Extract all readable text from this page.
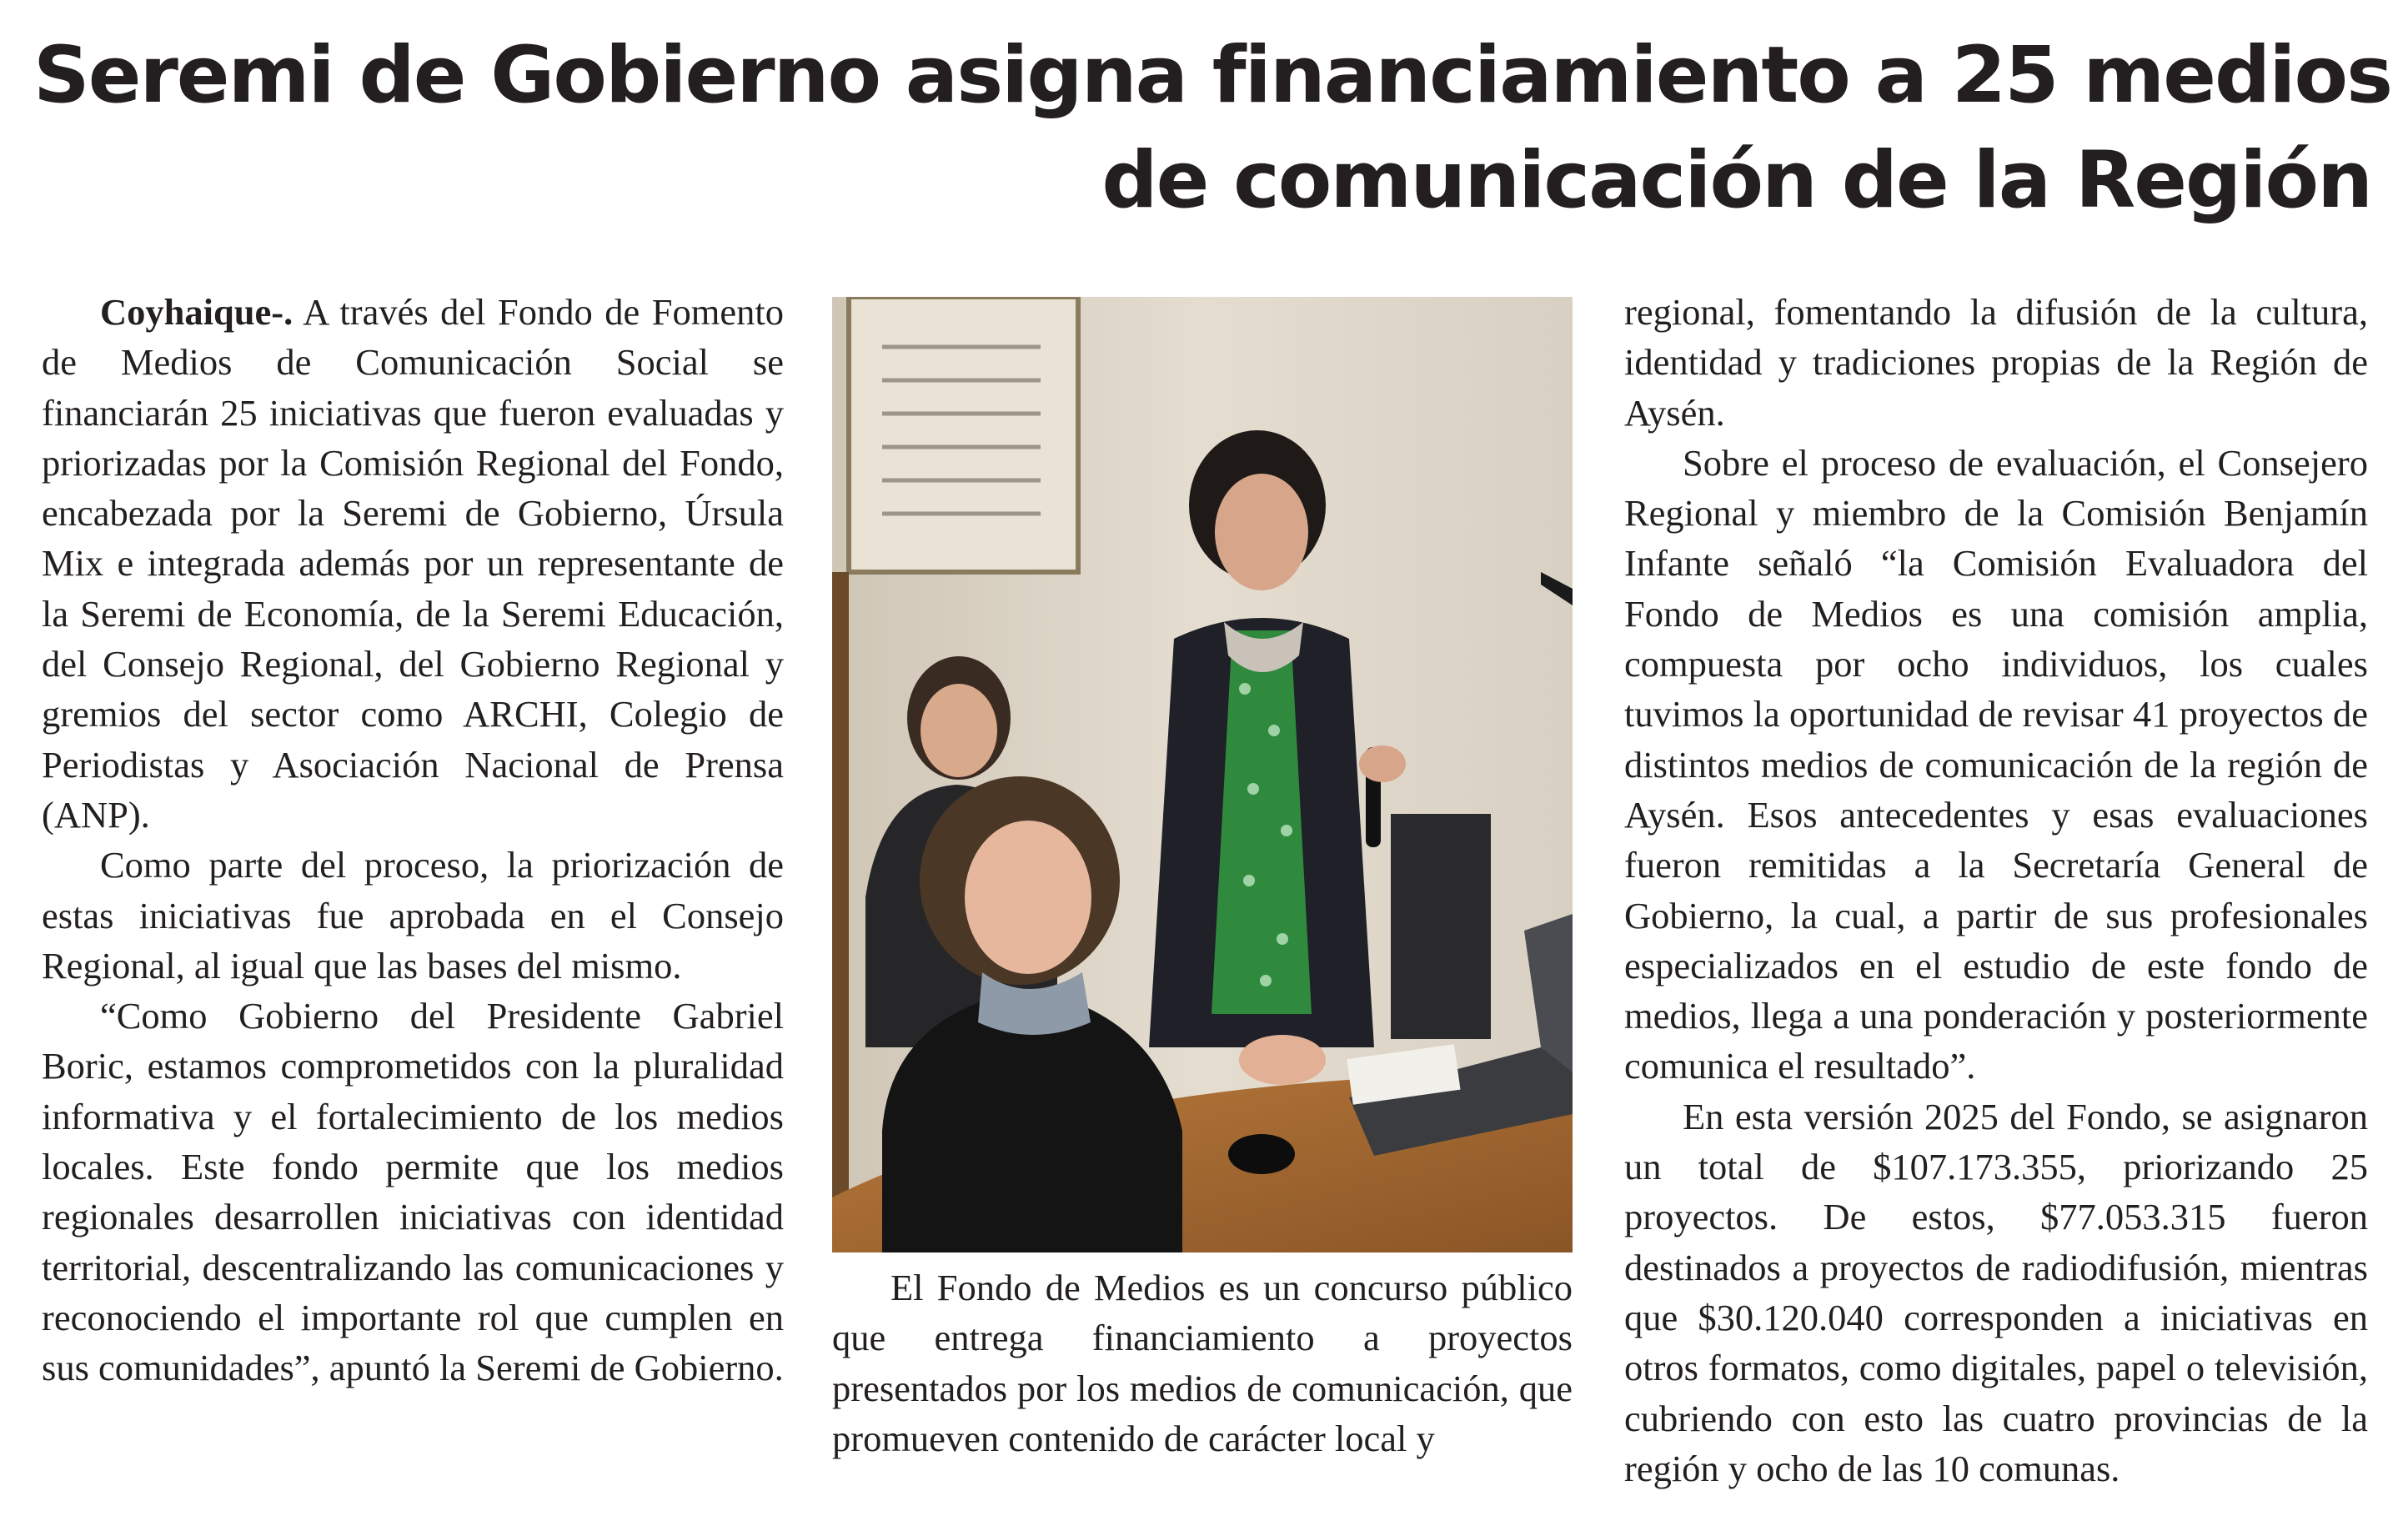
Seremi de Gobierno asigna financiamiento a 25 medios
de comunicación de la Región

Coyhaique-. A través del Fondo de Fomento de Medios de Comunicación Social se financiarán 25 iniciativas que fueron evaluadas y priorizadas por la Comisión Regional del Fondo, encabezada por la Seremi de Gobierno, Úrsula Mix e integrada además por un representante de la Seremi de Economía, de la Seremi Educación, del Consejo Regional, del Gobierno Regional y gremios del sector como ARCHI, Colegio de Periodistas y Asociación Nacional de Prensa (ANP).

Como parte del proceso, la priorización de estas iniciativas fue aprobada en el Consejo Regional, al igual que las bases del mismo.

“Como Gobierno del Presidente Gabriel Boric, estamos comprometidos con la pluralidad informativa y el fortalecimiento de los medios locales. Este fondo permite que los medios regionales desarrollen iniciativas con identidad territorial, descentralizando las comunicaciones y reconociendo el importante rol que cumplen en sus comunidades”, apuntó la Seremi de Gobierno.

El Fondo de Medios es un concurso público que entrega financiamiento a proyectos presentados por los medios de comunicación, que promueven contenido de carácter local y

regional, fomentando la difusión de la cultura, identidad y tradiciones propias de la Región de Aysén.

Sobre el proceso de evaluación, el Consejero Regional y miembro de la Comisión Benjamín Infante señaló “la Comisión Evaluadora del Fondo de Medios es una comisión amplia, compuesta por ocho individuos, los cuales tuvimos la oportunidad de revisar 41 proyectos de distintos medios de comunicación de la región de Aysén. Esos antecedentes y esas evaluaciones fueron remitidas a la Secretaría General de Gobierno, la cual, a partir de sus profesionales especializados en el estudio de este fondo de medios, llega a una ponderación y posteriormente comunica el resultado”.

En esta versión 2025 del Fondo, se asignaron un total de $107.173.355, priorizando 25 proyectos. De estos, $77.053.315 fueron destinados a proyectos de radiodifusión, mientras que $30.120.040 corresponden a iniciativas en otros formatos, como digitales, papel o televisión, cubriendo con esto las cuatro provincias de la región y ocho de las 10 comunas.
